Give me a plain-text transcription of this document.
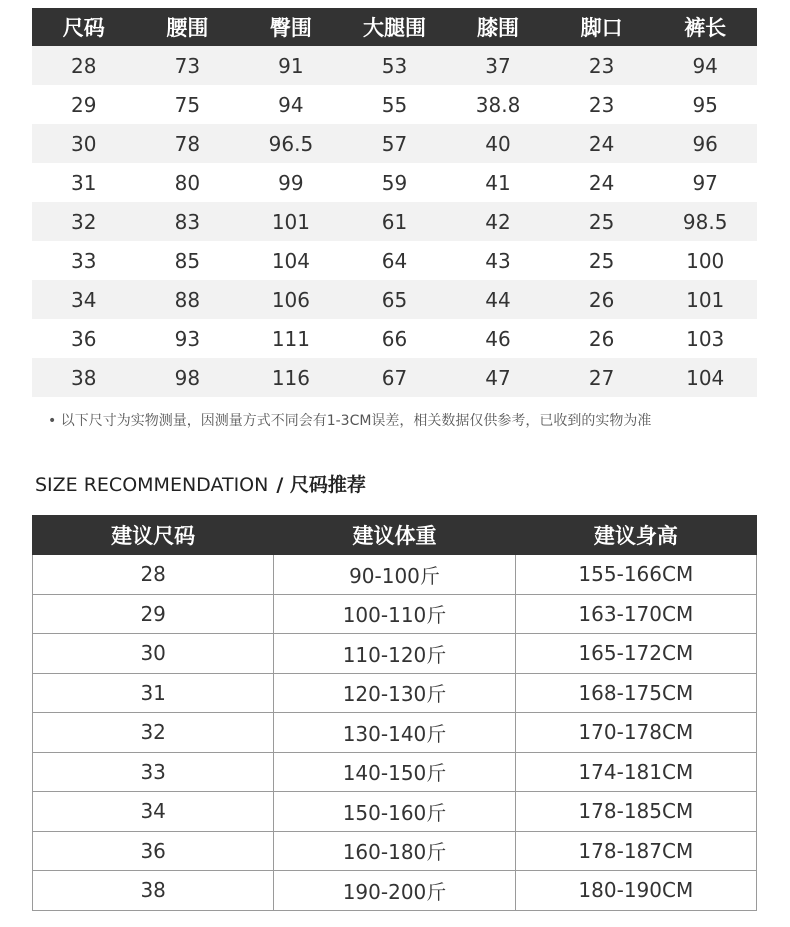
尺码	腰围	臀围	大腿围	膝围	脚口	裤长
28	73	91	53	37	23	94
29	75	94	55	38.8	23	95
30	78	96.5	57	40	24	96
31	80	99	59	41	24	97
32	83	101	61	42	25	98.5
33	85	104	64	43	25	100
34	88	106	65	44	26	101
36	93	111	66	46	26	103
38	98	116	67	47	27	104
• 以下尺寸为实物测量，因测量方式不同会有1-3CM误差，相关数据仅供参考，已收到的实物为准
SIZE RECOMMENDATION / 尺码推荐
建议尺码	建议体重	建议身高
28	90-100斤	155-166CM
29	100-110斤	163-170CM
30	110-120斤	165-172CM
31	120-130斤	168-175CM
32	130-140斤	170-178CM
33	140-150斤	174-181CM
34	150-160斤	178-185CM
36	160-180斤	178-187CM
38	190-200斤	180-190CM
